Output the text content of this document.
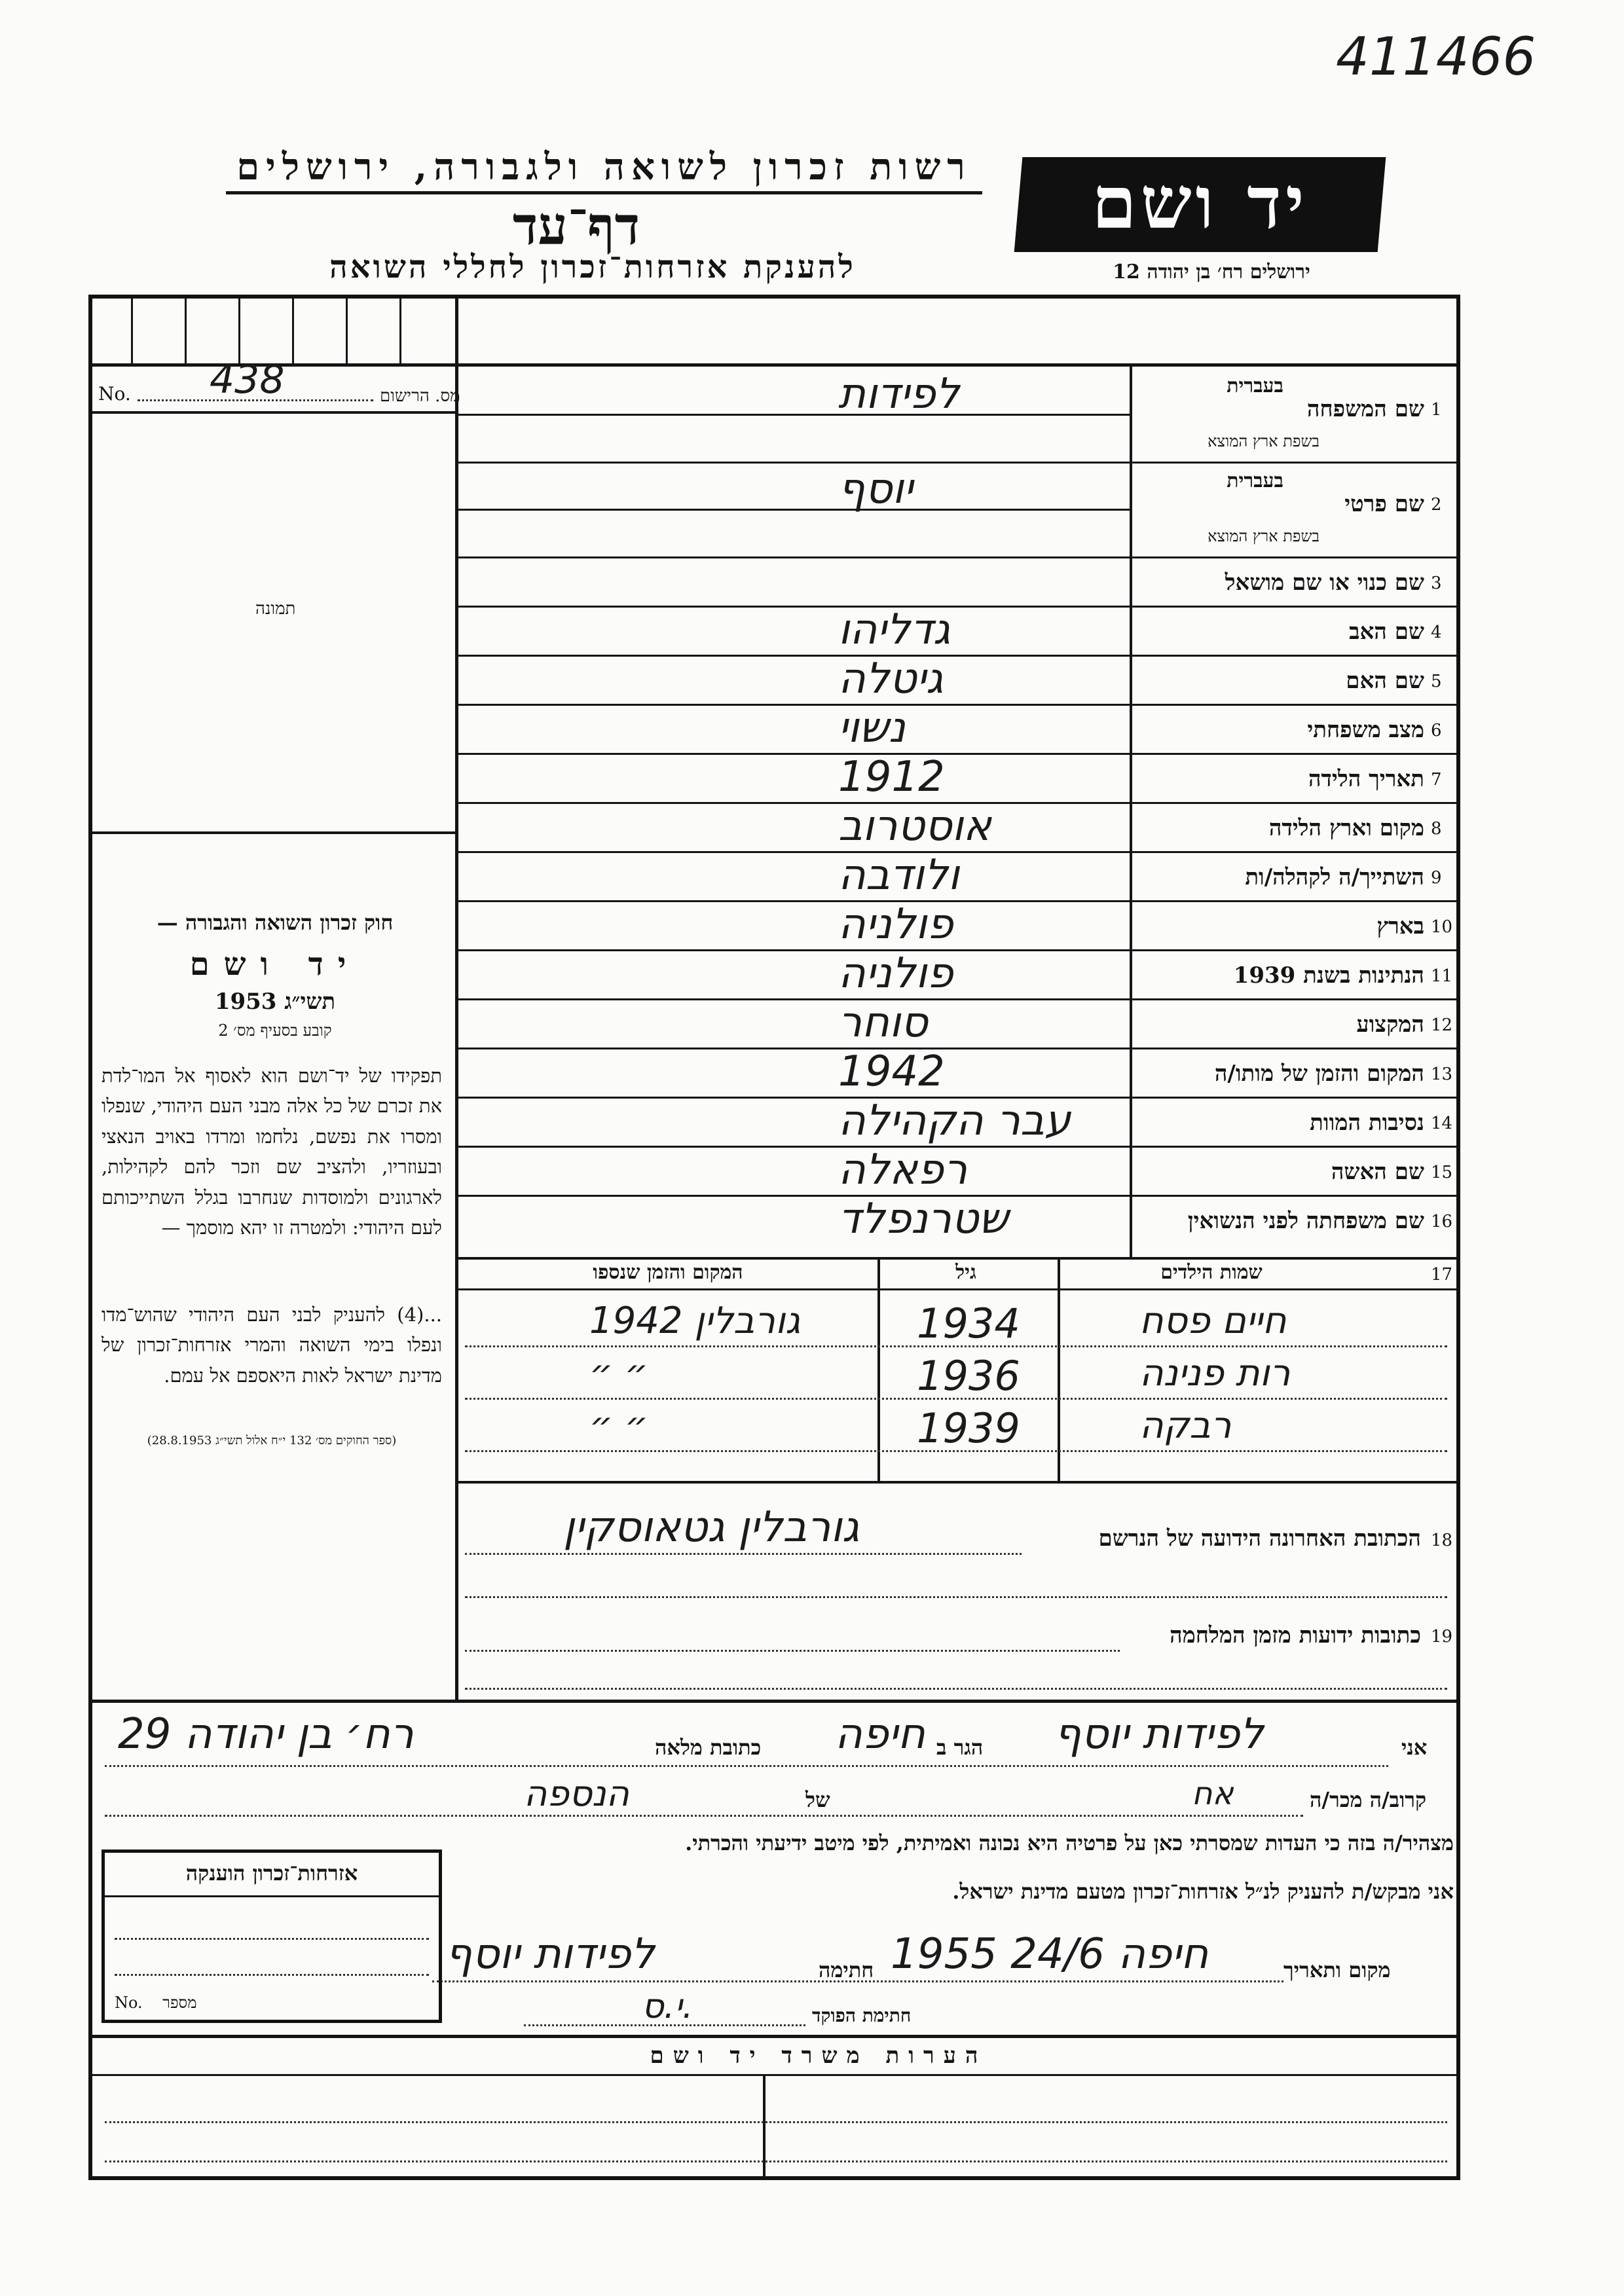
411466
רשות זכרון לשואה ולגבורה, ירושלים
דף־עד
להענקת אזרחות־זכרון לחללי השואה
יד ושם
ירושלים רח׳ בן יהודה 12
No. 438	מס. הרישום
תמונה
1
שם המשפחה
בעברית
בשפת ארץ המוצא
לפידות
2
שם פרטי
בעברית
בשפת ארץ המוצא
יוסף
3
שם כנוי או שם מושאל
4
שם האב
גדליהו
5
שם האם
גיטלה
6
מצב משפחתי
נשוי
7
תאריך הלידה
1912
8
מקום וארץ הלידה
אוסטרוב
9
השתייך/ה לקהלה/ות
ולודבה
10
בארץ
פולניה
11
הנתינות בשנת 1939
פולניה
12
המקצוע
סוחר
13
המקום והזמן של מותו/ה
1942
14
נסיבות המוות
עבר הקהילה
15
שם האשה
רפאלה
16
שם משפחתה לפני הנשואין
שטרנפלד
חוק זכרון השואה והגבורה —
יד ושם
תשי״ג 1953
קובע בסעיף מס׳ 2
תפקידו של יד־ושם הוא לאסוף אל המו־לדת את זכרם של כל אלה מבני העם היהודי, שנפלו ומסרו את נפשם, נלחמו ומרדו באויב הנאצי ובעוזריו, ולהציב שם וזכר להם לקהילות, לארגונים ולמוסדות שנחרבו בגלל השתייכותם לעם היהודי: ולמטרה זו יהא מוסמך —
...(4) להעניק לבני העם היהודי שהוש־מדו ונפלו בימי השואה והמרי אזרחות־זכרון של מדינת ישראל לאות היאספם אל עמם.
(ספר החוקים מס׳ 132 י״ח אלול תשי״ג 28.8.1953)
17
שמות הילדים
גיל
המקום והזמן שנספו
חיים פסח
1934
גורבלין 1942
רות פנינה
1936
״ ״
רבקה
1939
״ ״
18
הכתובת האחרונה הידועה של הנרשם
גורבלין גטאוסקין
19
כתובות ידועות מזמן המלחמה
אני
לפידות יוסף
הגר ב
חיפה
כתובת מלאה
רח׳ בן יהודה 29
קרוב/ה מכר/ה
אח
של
הנספה
מצהיר/ה בזה כי העדות שמסרתי כאן על פרטיה היא נכונה ואמיתית, לפי מיטב ידיעתי והכרתי.
אני מבקש/ת להעניק לנ״ל אזרחות־זכרון מטעם מדינת ישראל.
מקום ותאריך
חיפה 24/6 1955
חתימה
לפידות יוסף
י.ס.	חתימת הפוקד
אזרחות־זכרון הוענקה
No. מספר
הערות משרד יד ושם
